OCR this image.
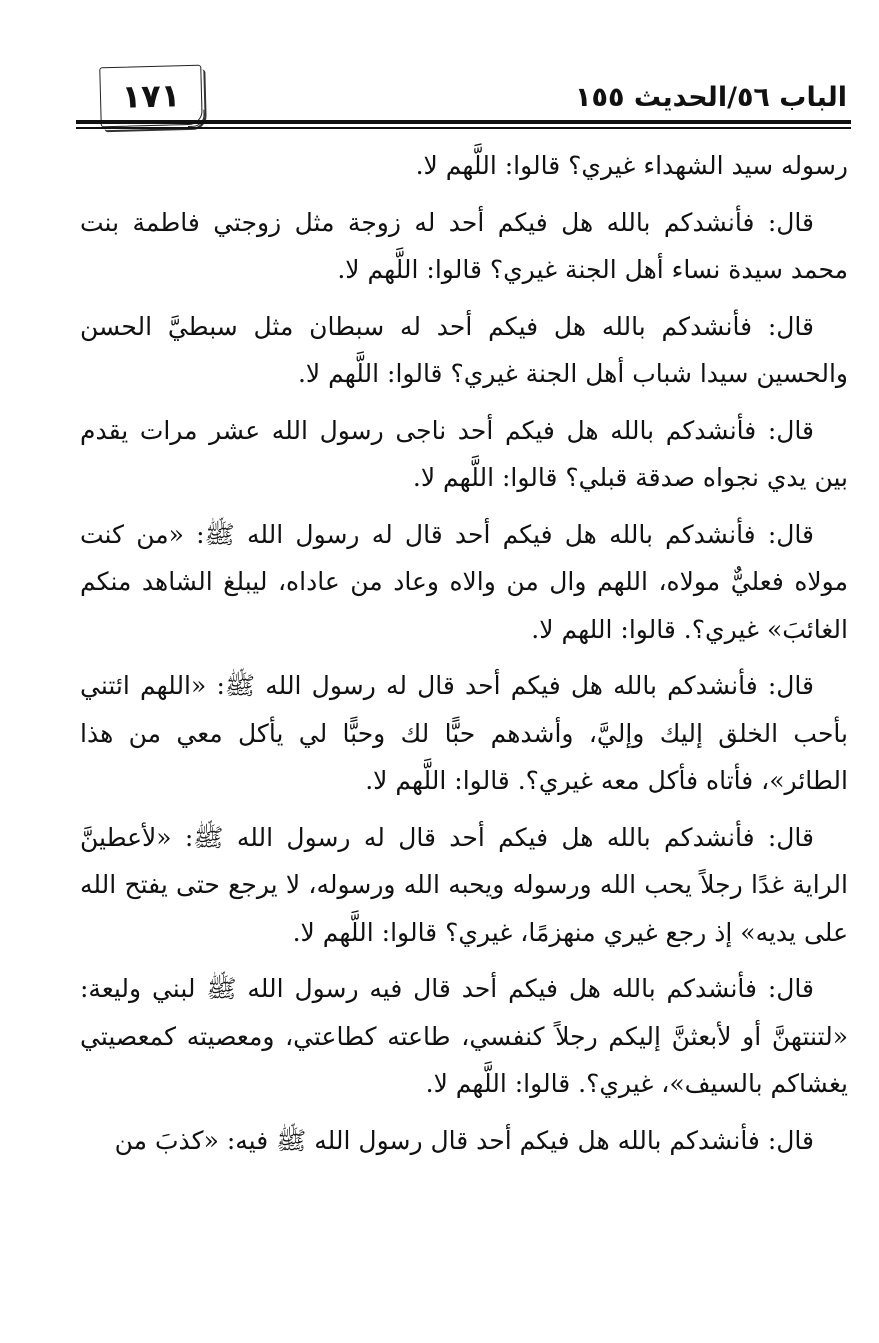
١٧١	الباب ٥٦/الحديث ١٥٥

رسوله سيد الشهداء غيري؟ قالوا: اللَّهم لا.

قال: فأنشدكم بالله هل فيكم أحد له زوجة مثل زوجتي فاطمة بنت محمد سيدة نساء أهل الجنة غيري؟ قالوا: اللَّهم لا.

قال: فأنشدكم بالله هل فيكم أحد له سبطان مثل سبطيَّ الحسن والحسين سيدا شباب أهل الجنة غيري؟ قالوا: اللَّهم لا.

قال: فأنشدكم بالله هل فيكم أحد ناجى رسول الله عشر مرات يقدم بين يدي نجواه صدقة قبلي؟ قالوا: اللَّهم لا.

قال: فأنشدكم بالله هل فيكم أحد قال له رسول الله ﷺ: «من كنت مولاه فعليٌّ مولاه، اللهم وال من والاه وعاد من عاداه، ليبلغ الشاهد منكم الغائبَ» غيري؟. قالوا: اللهم لا.

قال: فأنشدكم بالله هل فيكم أحد قال له رسول الله ﷺ: «اللهم ائتني بأحب الخلق إليك وإليَّ، وأشدهم حبًّا لك وحبًّا لي يأكل معي من هذا الطائر»، فأتاه فأكل معه غيري؟. قالوا: اللَّهم لا.

قال: فأنشدكم بالله هل فيكم أحد قال له رسول الله ﷺ: «لأعطينَّ الراية غدًا رجلاً يحب الله ورسوله ويحبه الله ورسوله، لا يرجع حتى يفتح الله على يديه» إذ رجع غيري منهزمًا، غيري؟ قالوا: اللَّهم لا.

قال: فأنشدكم بالله هل فيكم أحد قال فيه رسول الله ﷺ لبني وليعة: «لتنتهنَّ أو لأبعثنَّ إليكم رجلاً كنفسي، طاعته كطاعتي، ومعصيته كمعصيتي يغشاكم بالسيف»، غيري؟. قالوا: اللَّهم لا.

قال: فأنشدكم بالله هل فيكم أحد قال رسول الله ﷺ فيه: «كذبَ من
